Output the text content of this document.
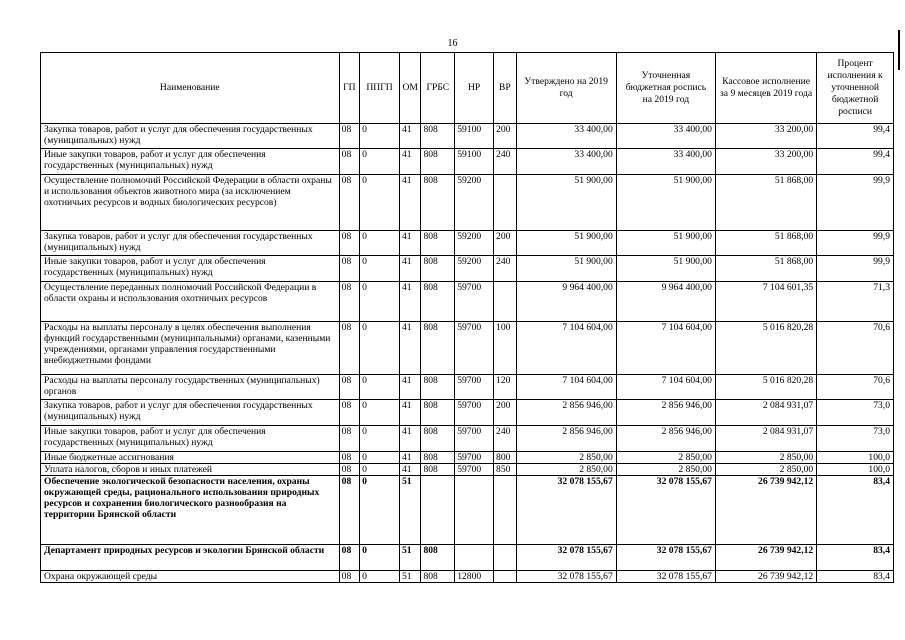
16
Наименование	ГП	ППГП	ОМ	ГРБС	НР	ВР	Утверждено на 2019 год	Уточненная бюджетная роспись на 2019 год	Кассовое исполнение за 9 месяцев 2019 года	Процент исполнения к уточненной бюджетной росписи
Закупка товаров, работ и услуг для обеспечения государственных (муниципальных) нужд	08	0	41	808	59100	200	33 400,00	33 400,00	33 200,00	99,4
Иные закупки товаров, работ и услуг для обеспечения государственных (муниципальных) нужд	08	0	41	808	59100	240	33 400,00	33 400,00	33 200,00	99,4
Осуществление полномочий Российской Федерации в области охраны и использования объектов животного мира (за исключением охотничьих ресурсов и водных биологических ресурсов)	08	0	41	808	59200		51 900,00	51 900,00	51 868,00	99,9
Закупка товаров, работ и услуг для обеспечения государственных (муниципальных) нужд	08	0	41	808	59200	200	51 900,00	51 900,00	51 868,00	99,9
Иные закупки товаров, работ и услуг для обеспечения государственных (муниципальных) нужд	08	0	41	808	59200	240	51 900,00	51 900,00	51 868,00	99,9
Осуществление переданных полномочий Российской Федерации в области охраны и использования охотничьих ресурсов	08	0	41	808	59700		9 964 400,00	9 964 400,00	7 104 601,35	71,3
Расходы на выплаты персоналу в целях обеспечения выполнения функций государственными (муниципальными) органами, казенными учреждениями, органами управления государственными внебюджетными фондами	08	0	41	808	59700	100	7 104 604,00	7 104 604,00	5 016 820,28	70,6
Расходы на выплаты персоналу государственных (муниципальных) органов	08	0	41	808	59700	120	7 104 604,00	7 104 604,00	5 016 820,28	70,6
Закупка товаров, работ и услуг для обеспечения государственных (муниципальных) нужд	08	0	41	808	59700	200	2 856 946,00	2 856 946,00	2 084 931,07	73,0
Иные закупки товаров, работ и услуг для обеспечения государственных (муниципальных) нужд	08	0	41	808	59700	240	2 856 946,00	2 856 946,00	2 084 931,07	73,0
Иные бюджетные ассигнования	08	0	41	808	59700	800	2 850,00	2 850,00	2 850,00	100,0
Уплата налогов, сборов и иных платежей	08	0	41	808	59700	850	2 850,00	2 850,00	2 850,00	100,0
Обеспечение экологической безопасности населения, охраны окружающей среды, рационального использования природных ресурсов и сохранения биологического разнообразия на территории Брянской области	08	0	51				32 078 155,67	32 078 155,67	26 739 942,12	83,4
Департамент природных ресурсов и экологии Брянской области	08	0	51	808			32 078 155,67	32 078 155,67	26 739 942,12	83,4
Охрана окружающей среды	08	0	51	808	12800		32 078 155,67	32 078 155,67	26 739 942,12	83,4
